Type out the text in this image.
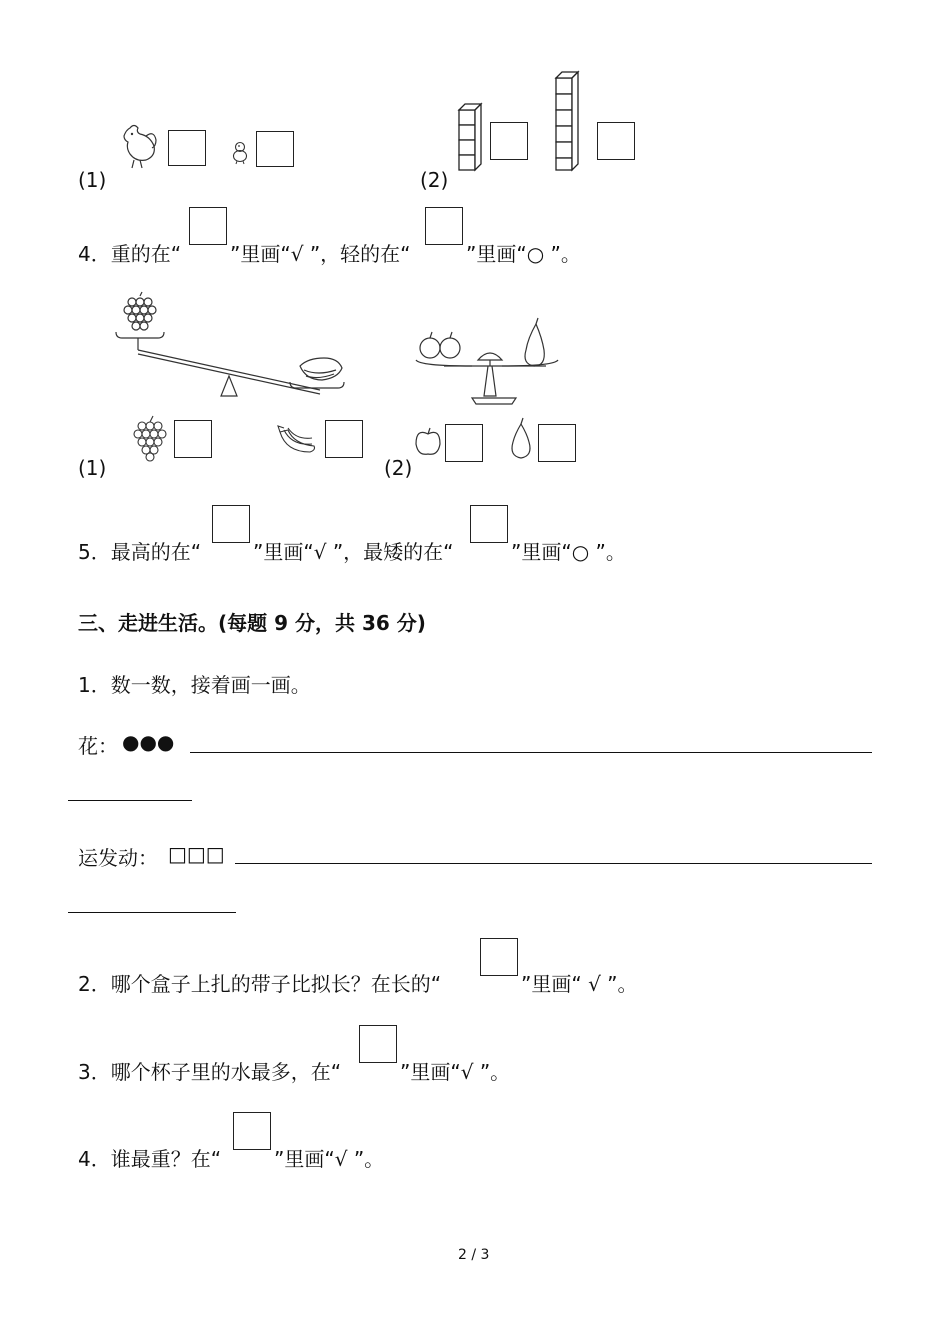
(1)	(2)
4．重的在“ ”里画“√ ”，轻的在“	”里画“○ ”。
(1)	(2)
5．最高的在“	”里画“√ ”，最矮的在“	”里画“○ ”。
三、走进生活。(每题 9 分，共 36 分)
1．数一数，接着画一画。
花： ●●●
运发动： □□□
2．哪个盒子上扎的带子比拟长？在长的“	”里画“ √ ”。
3．哪个杯子里的水最多，在“	”里画“√ ”。
4．谁最重？在“	”里画“√ ”。
2 / 3
